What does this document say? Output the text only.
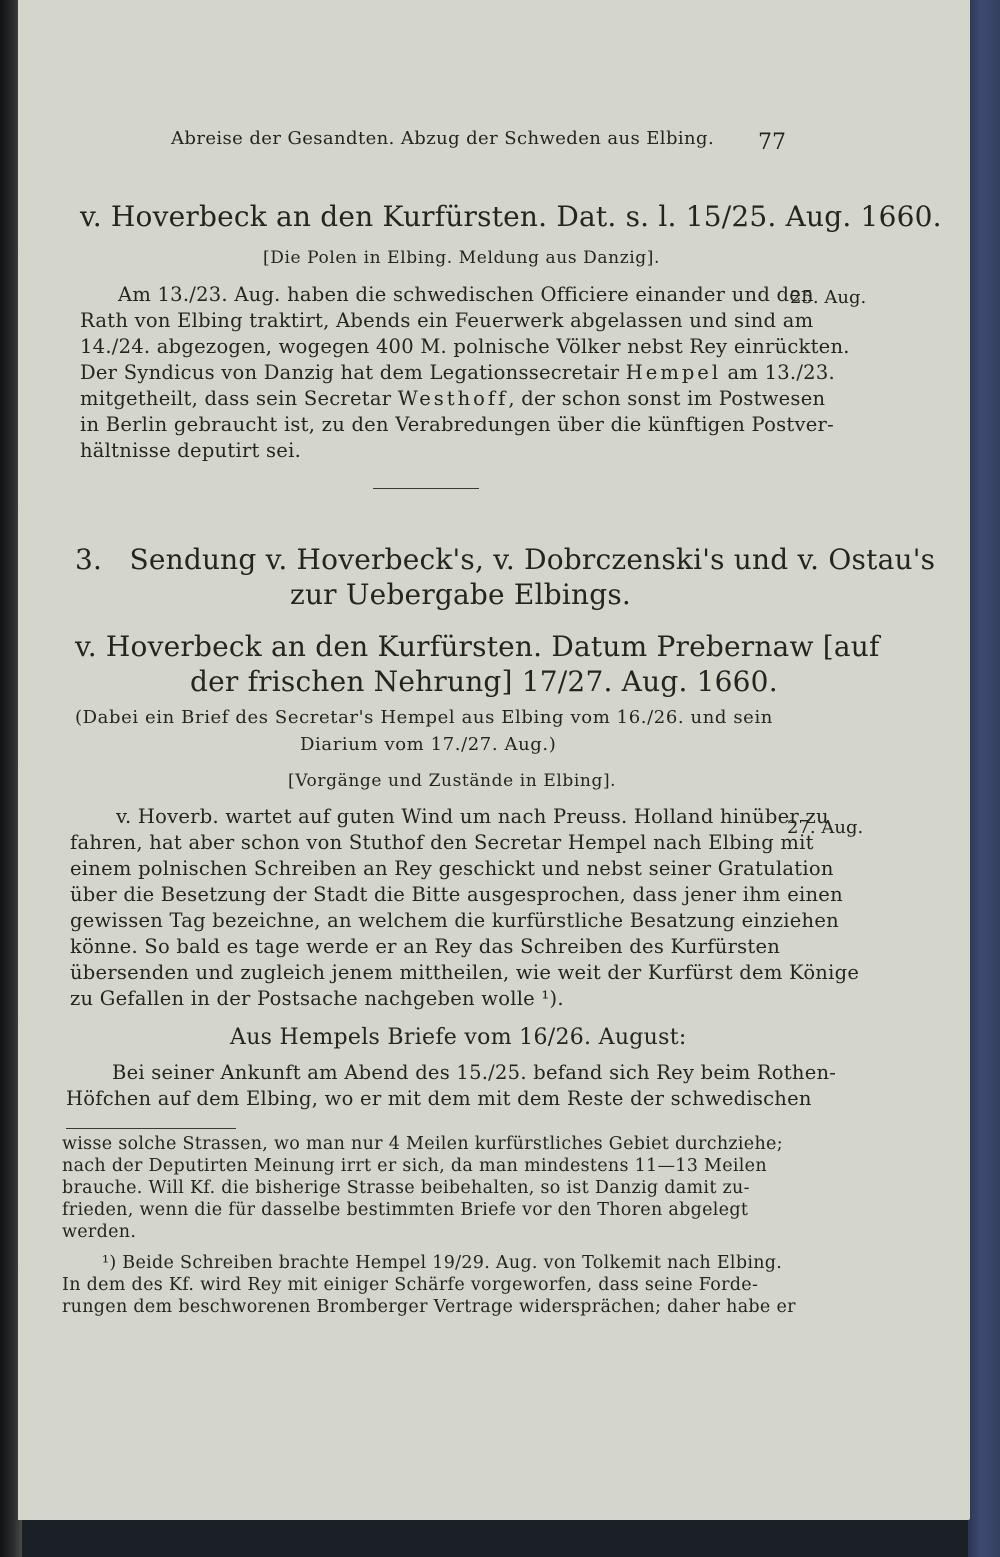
Abreise der Gesandten. Abzug der Schweden aus Elbing. 77
v. Hoverbeck an den Kurfürsten. Dat. s. l. 15/25. Aug. 1660.
[Die Polen in Elbing. Meldung aus Danzig].
25. Aug.
Am 13./23. Aug. haben die schwedischen Officiere einander und den
Rath von Elbing traktirt, Abends ein Feuerwerk abgelassen und sind am
14./24. abgezogen, wogegen 400 M. polnische Völker nebst Rey einrückten.
Der Syndicus von Danzig hat dem Legationssecretair Hempel am 13./23.
mitgetheilt, dass sein Secretar Westhoff, der schon sonst im Postwesen
in Berlin gebraucht ist, zu den Verabredungen über die künftigen Postver-
hältnisse deputirt sei.
3. Sendung v. Hoverbeck's, v. Dobrczenski's und v. Ostau's
zur Uebergabe Elbings.
v. Hoverbeck an den Kurfürsten. Datum Prebernaw [auf
der frischen Nehrung] 17/27. Aug. 1660.
(Dabei ein Brief des Secretar's Hempel aus Elbing vom 16./26. und sein
Diarium vom 17./27. Aug.)
[Vorgänge und Zustände in Elbing].
27. Aug.
v. Hoverb. wartet auf guten Wind um nach Preuss. Holland hinüber zu
fahren, hat aber schon von Stuthof den Secretar Hempel nach Elbing mit
einem polnischen Schreiben an Rey geschickt und nebst seiner Gratulation
über die Besetzung der Stadt die Bitte ausgesprochen, dass jener ihm einen
gewissen Tag bezeichne, an welchem die kurfürstliche Besatzung einziehen
könne. So bald es tage werde er an Rey das Schreiben des Kurfürsten
übersenden und zugleich jenem mittheilen, wie weit der Kurfürst dem Könige
zu Gefallen in der Postsache nachgeben wolle ¹).
Aus Hempels Briefe vom 16/26. August:
Bei seiner Ankunft am Abend des 15./25. befand sich Rey beim Rothen-
Höfchen auf dem Elbing, wo er mit dem mit dem Reste der schwedischen
wisse solche Strassen, wo man nur 4 Meilen kurfürstliches Gebiet durchziehe;
nach der Deputirten Meinung irrt er sich, da man mindestens 11—13 Meilen
brauche. Will Kf. die bisherige Strasse beibehalten, so ist Danzig damit zu-
frieden, wenn die für dasselbe bestimmten Briefe vor den Thoren abgelegt
werden.
¹) Beide Schreiben brachte Hempel 19/29. Aug. von Tolkemit nach Elbing.
In dem des Kf. wird Rey mit einiger Schärfe vorgeworfen, dass seine Forde-
rungen dem beschworenen Bromberger Vertrage widersprächen; daher habe er
